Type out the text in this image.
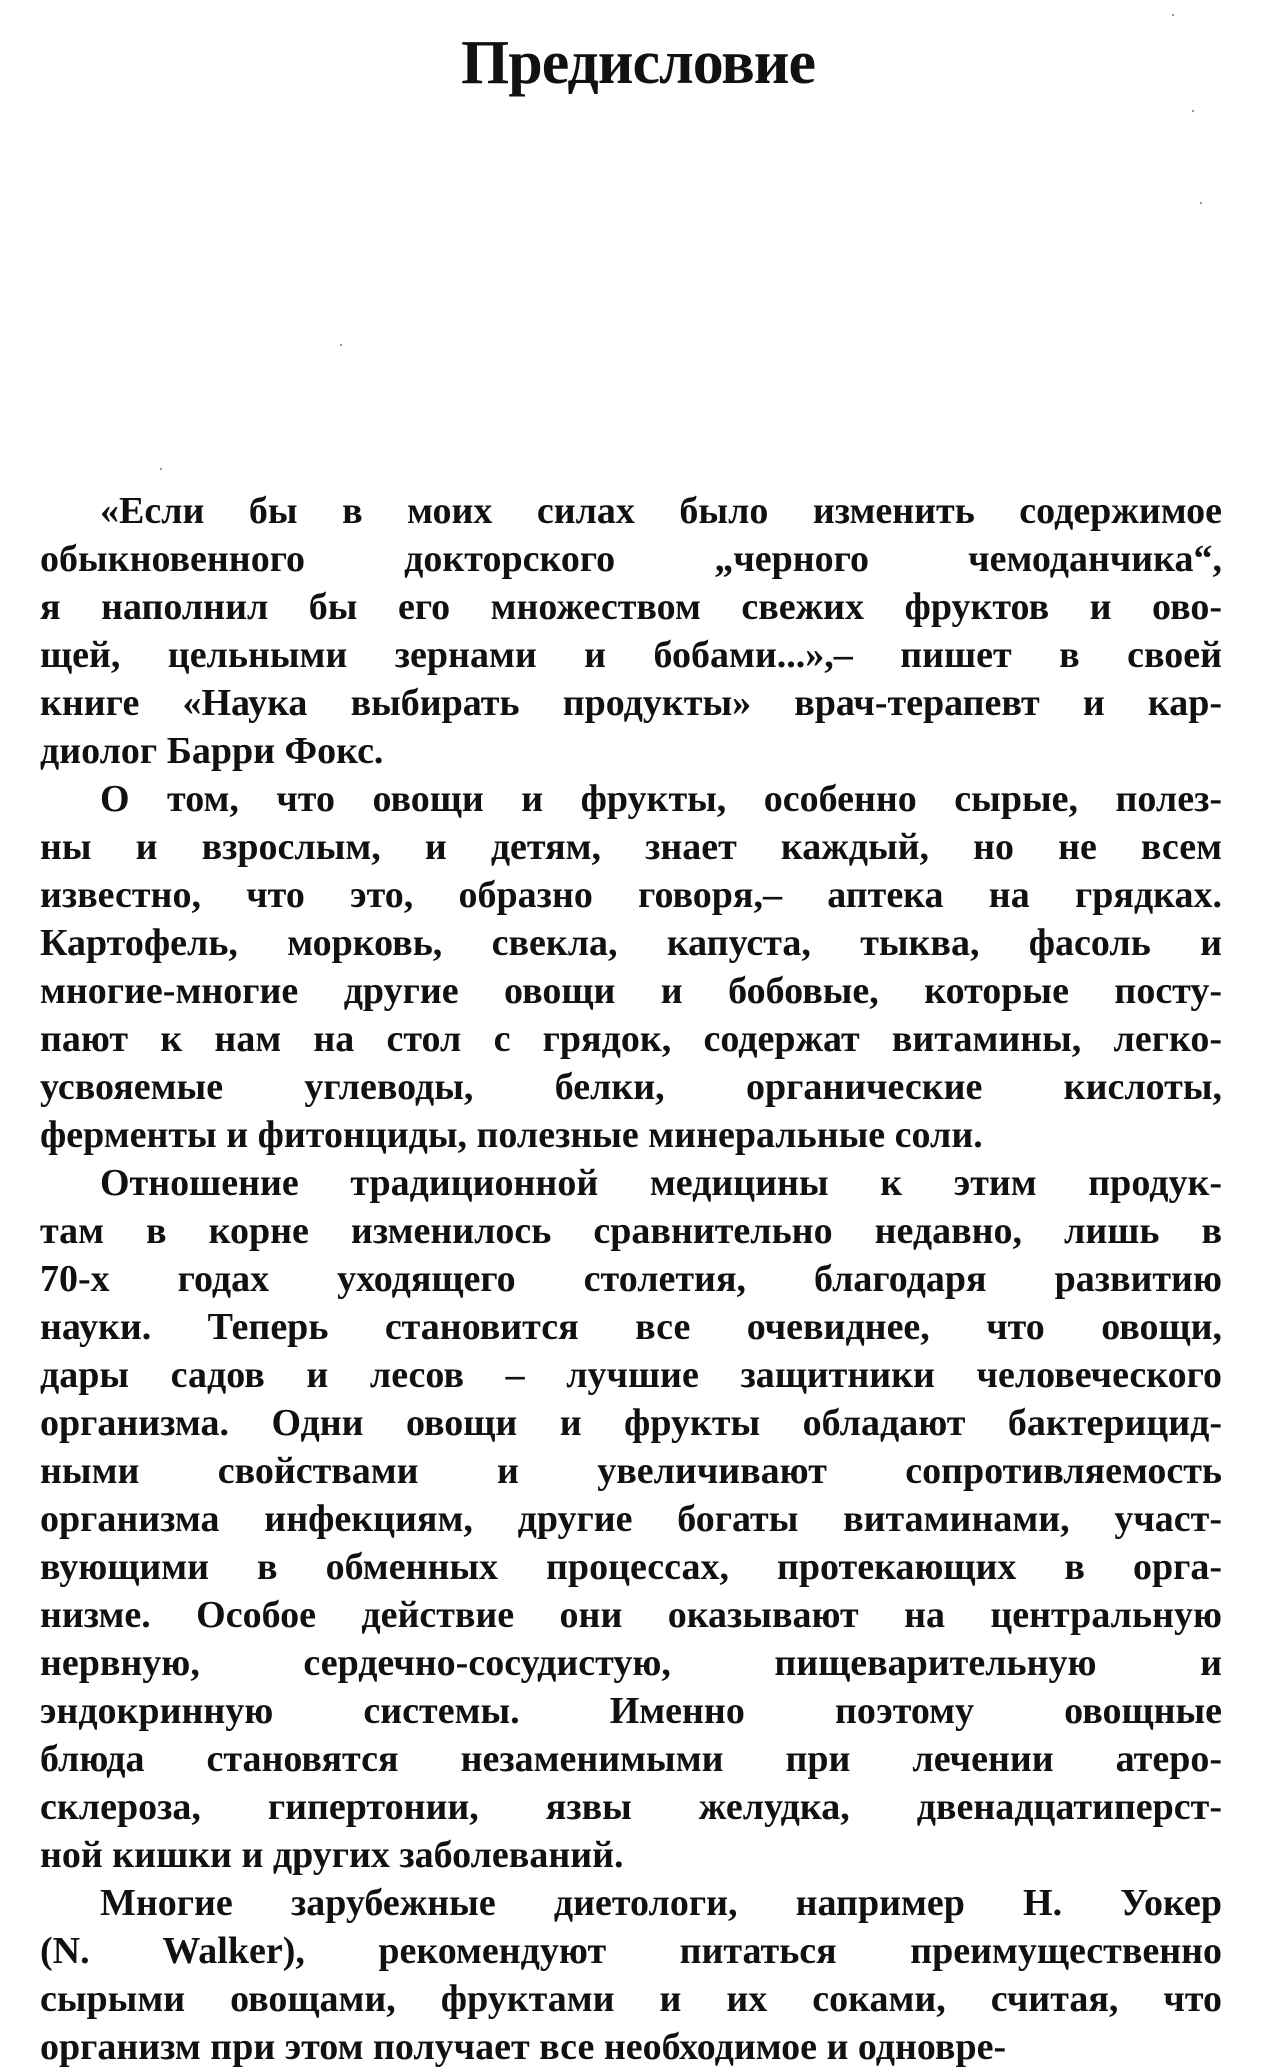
Предисловие
«Если бы в моих силах было изменить содержимое
обыкновенного докторского „черного чемоданчика“,
я наполнил бы его множеством свежих фруктов и ово-
щей, цельными зернами и бобами...»,– пишет в своей
книге «Наука выбирать продукты» врач-терапевт и кар-
диолог Барри Фокс.
О том, что овощи и фрукты, особенно сырые, полез-
ны и взрослым, и детям, знает каждый, но не всем
известно, что это, образно говоря,– аптека на грядках.
Картофель, морковь, свекла, капуста, тыква, фасоль и
многие-многие другие овощи и бобовые, которые посту-
пают к нам на стол с грядок, содержат витамины, легко-
усвояемые углеводы, белки, органические кислоты,
ферменты и фитонциды, полезные минеральные соли.
Отношение традиционной медицины к этим продук-
там в корне изменилось сравнительно недавно, лишь в
70-х годах уходящего столетия, благодаря развитию
науки. Теперь становится все очевиднее, что овощи,
дары садов и лесов – лучшие защитники человеческого
организма. Одни овощи и фрукты обладают бактерицид-
ными свойствами и увеличивают сопротивляемость
организма инфекциям, другие богаты витаминами, участ-
вующими в обменных процессах, протекающих в орга-
низме. Особое действие они оказывают на центральную
нервную, сердечно-сосудистую, пищеварительную и
эндокринную системы. Именно поэтому овощные
блюда становятся незаменимыми при лечении атеро-
склероза, гипертонии, язвы желудка, двенадцатиперст-
ной кишки и других заболеваний.
Многие зарубежные диетологи, например Н. Уокер
(N. Walker), рекомендуют питаться преимущественно
сырыми овощами, фруктами и их соками, считая, что
организм при этом получает все необходимое и одновре-
